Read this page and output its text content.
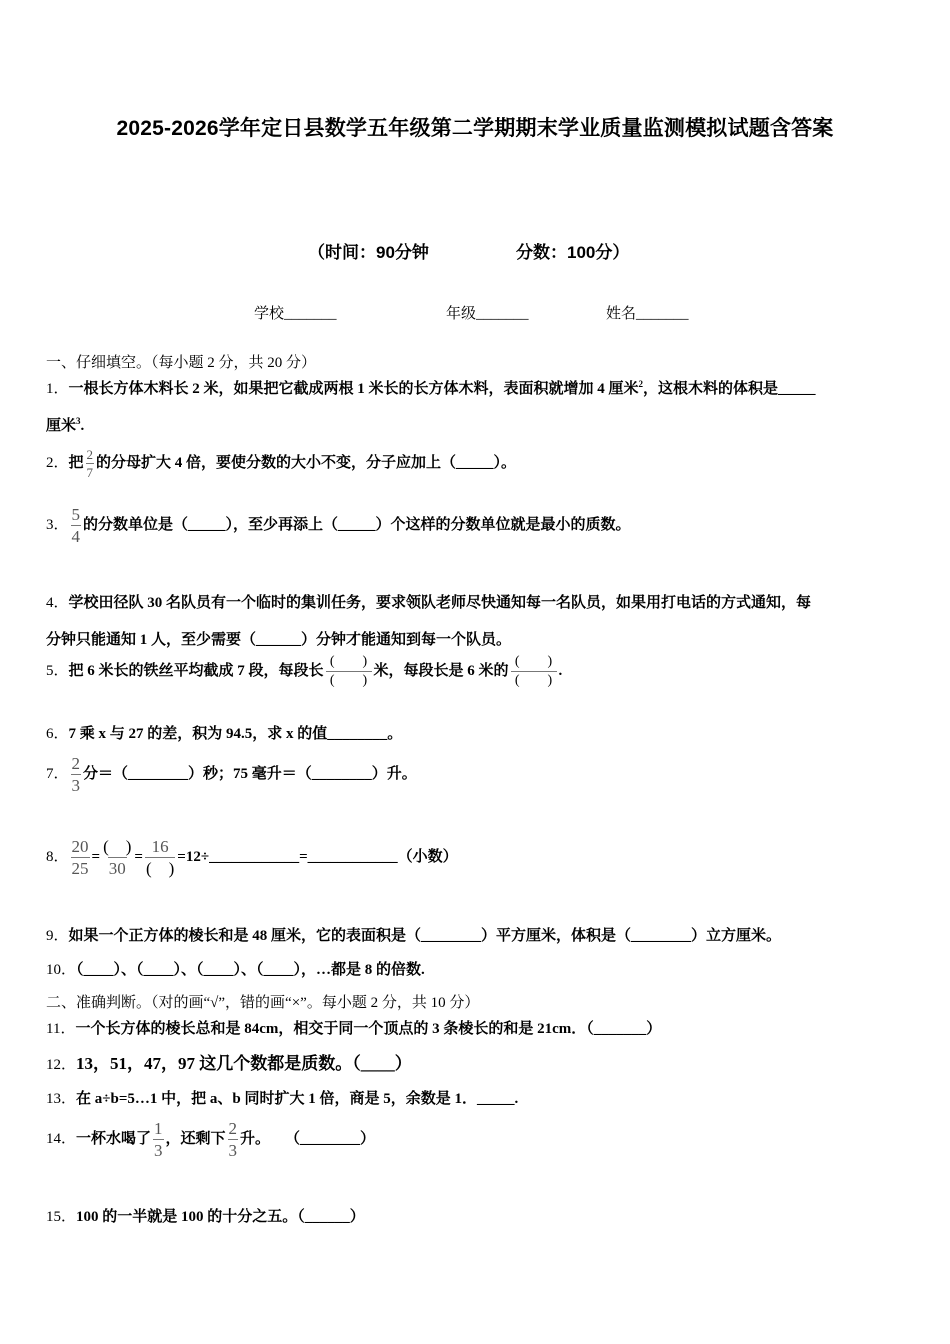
2025-2026学年定日县数学五年级第二学期期末学业质量监测模拟试题含答案
（时间：90分钟	分数：100分）
学校_______	年级_______	姓名_______
一、仔细填空。（每小题 2 分，共 20 分）
1．一根长方体木料长 2 米，如果把它截成两根 1 米长的长方体木料，表面积就增加 4 厘米$^2$，这根木料的体积是_____
厘米$^3$.
2．把 $\frac{2}{7}$ 的分母扩大 4 倍，要使分数的大小不变，分子应加上（_____）。
3． $\frac{5}{4}$ 的分数单位是（_____），至少再添上（_____）个这样的分数单位就是最小的质数。
4．学校田径队 30 名队员有一个临时的集训任务，要求领队老师尽快通知每一名队员，如果用打电话的方式通知，每
分钟只能通知 1 人，至少需要（______）分钟才能通知到每一个队员。
5．把 6 米长的铁丝平均截成 7 段，每段长 $\frac{( )}{( )}$ 米，每段长是 6 米的 $\frac{( )}{( )}$ .
6．7 乘 x 与 27 的差，积为 94.5，求 x 的值________。
7． $\frac{2}{3}$ 分＝（________）秒；75 毫升＝（________）升。
8． $\frac{20}{25} = \frac{( )}{30} = \frac{16}{( )}$ =12÷____________=____________（小数）
9．如果一个正方体的棱长和是 48 厘米，它的表面积是（________）平方厘米，体积是（________）立方厘米。
10．（____）、（____）、（____）、（____），…都是 8 的倍数.
二、准确判断。（对的画“√”，错的画“×”。每小题 2 分，共 10 分）
11．一个长方体的棱长总和是 84cm，相交于同一个顶点的 3 条棱长的和是 21cm．（_______）
12．13，51，47，97 这几个数都是质数。（____）
13．在 a÷b=5…1 中，把 a、b 同时扩大 1 倍，商是 5，余数是 1．_____.
14．一杯水喝了 $\frac{1}{3}$ ，还剩下 $\frac{2}{3}$ 升。　　（________）
15．100 的一半就是 100 的十分之五。（______）
